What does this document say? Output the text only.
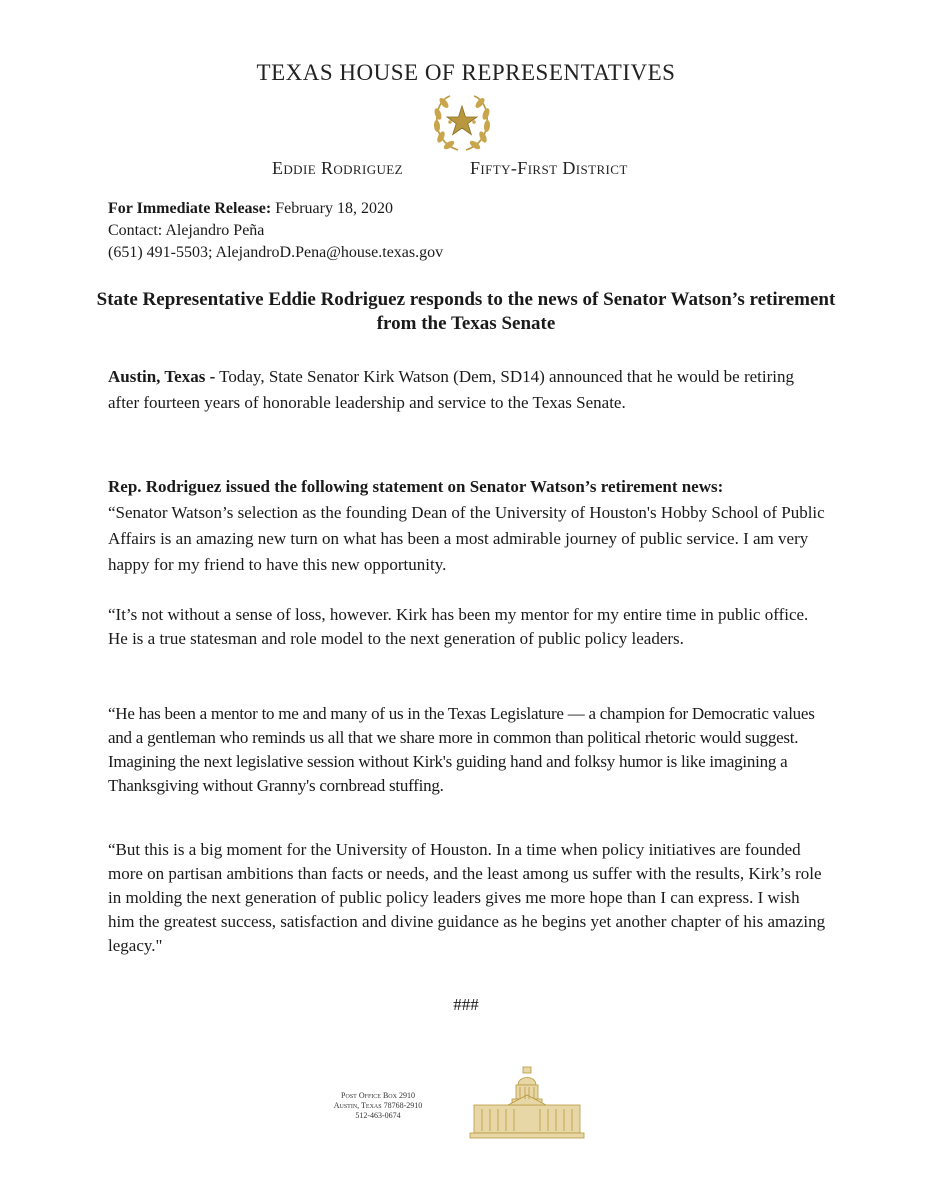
TEXAS HOUSE OF REPRESENTATIVES
Eddie Rodriguez	Fifty-First District
For Immediate Release: February 18, 2020
Contact: Alejandro Peña
(651) 491-5503; AlejandroD.Pena@house.texas.gov
State Representative Eddie Rodriguez responds to the news of Senator Watson’s retirement from the Texas Senate
Austin, Texas - Today, State Senator Kirk Watson (Dem, SD14) announced that he would be retiring after fourteen years of honorable leadership and service to the Texas Senate.
Rep. Rodriguez issued the following statement on Senator Watson’s retirement news:
“Senator Watson’s selection as the founding Dean of the University of Houston's Hobby School of Public Affairs is an amazing new turn on what has been a most admirable journey of public service. I am very happy for my friend to have this new opportunity.
“It’s not without a sense of loss, however. Kirk has been my mentor for my entire time in public office. He is a true statesman and role model to the next generation of public policy leaders.
“He has been a mentor to me and many of us in the Texas Legislature — a champion for Democratic values and a gentleman who reminds us all that we share more in common than political rhetoric would suggest. Imagining the next legislative session without Kirk's guiding hand and folksy humor is like imagining a Thanksgiving without Granny's cornbread stuffing.
“But this is a big moment for the University of Houston. In a time when policy initiatives are founded more on partisan ambitions than facts or needs, and the least among us suffer with the results, Kirk’s role in molding the next generation of public policy leaders gives me more hope than I can express. I wish him the greatest success, satisfaction and divine guidance as he begins yet another chapter of his amazing legacy."
###
Post Office Box 2910
Austin, Texas 78768-2910
512-463-0674
